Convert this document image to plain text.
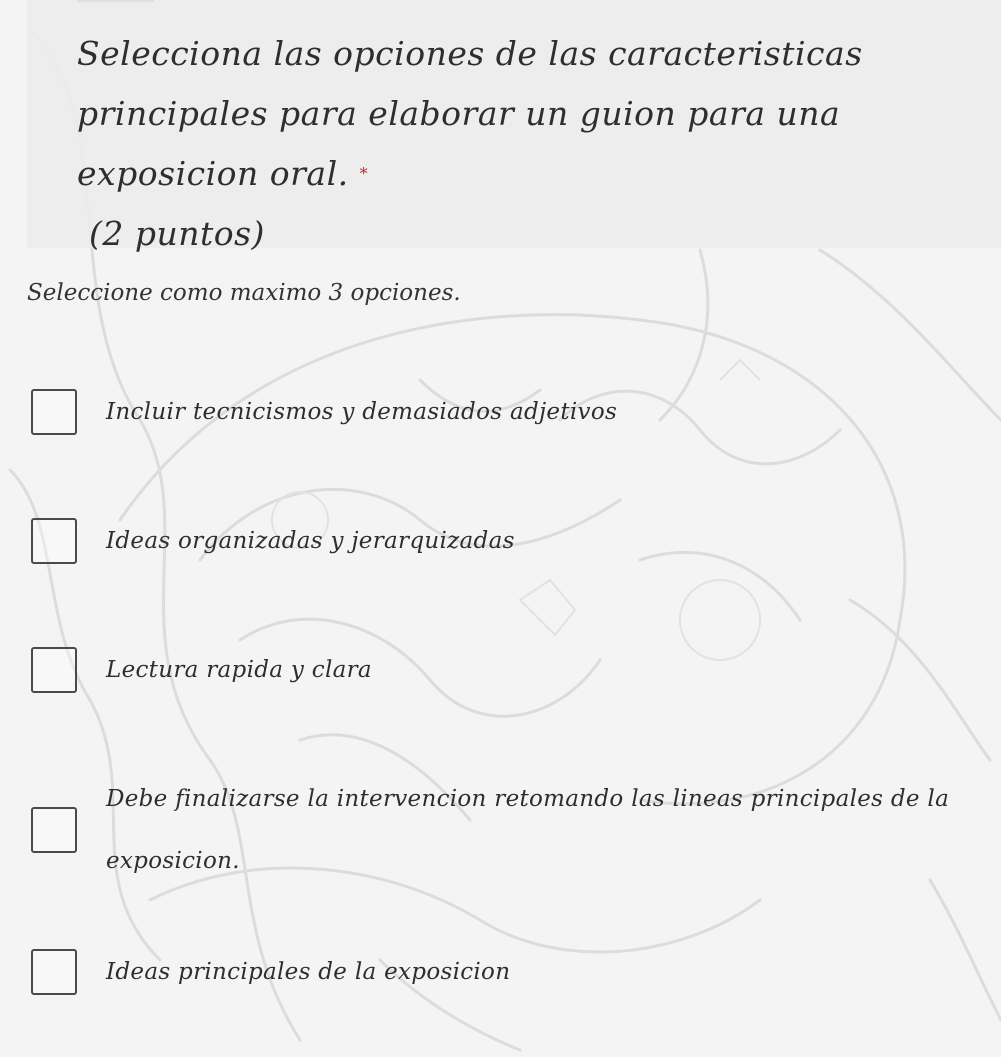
Selecciona las opciones de las caracteristicas principales para elaborar un guion para una exposicion oral. *
(2 puntos)

Seleccione como maximo 3 opciones.

Incluir tecnicismos y demasiados adjetivos
Ideas organizadas y jerarquizadas
Lectura rapida y clara
Debe finalizarse la intervencion retomando las lineas principales de la exposicion.
Ideas principales de la exposicion
